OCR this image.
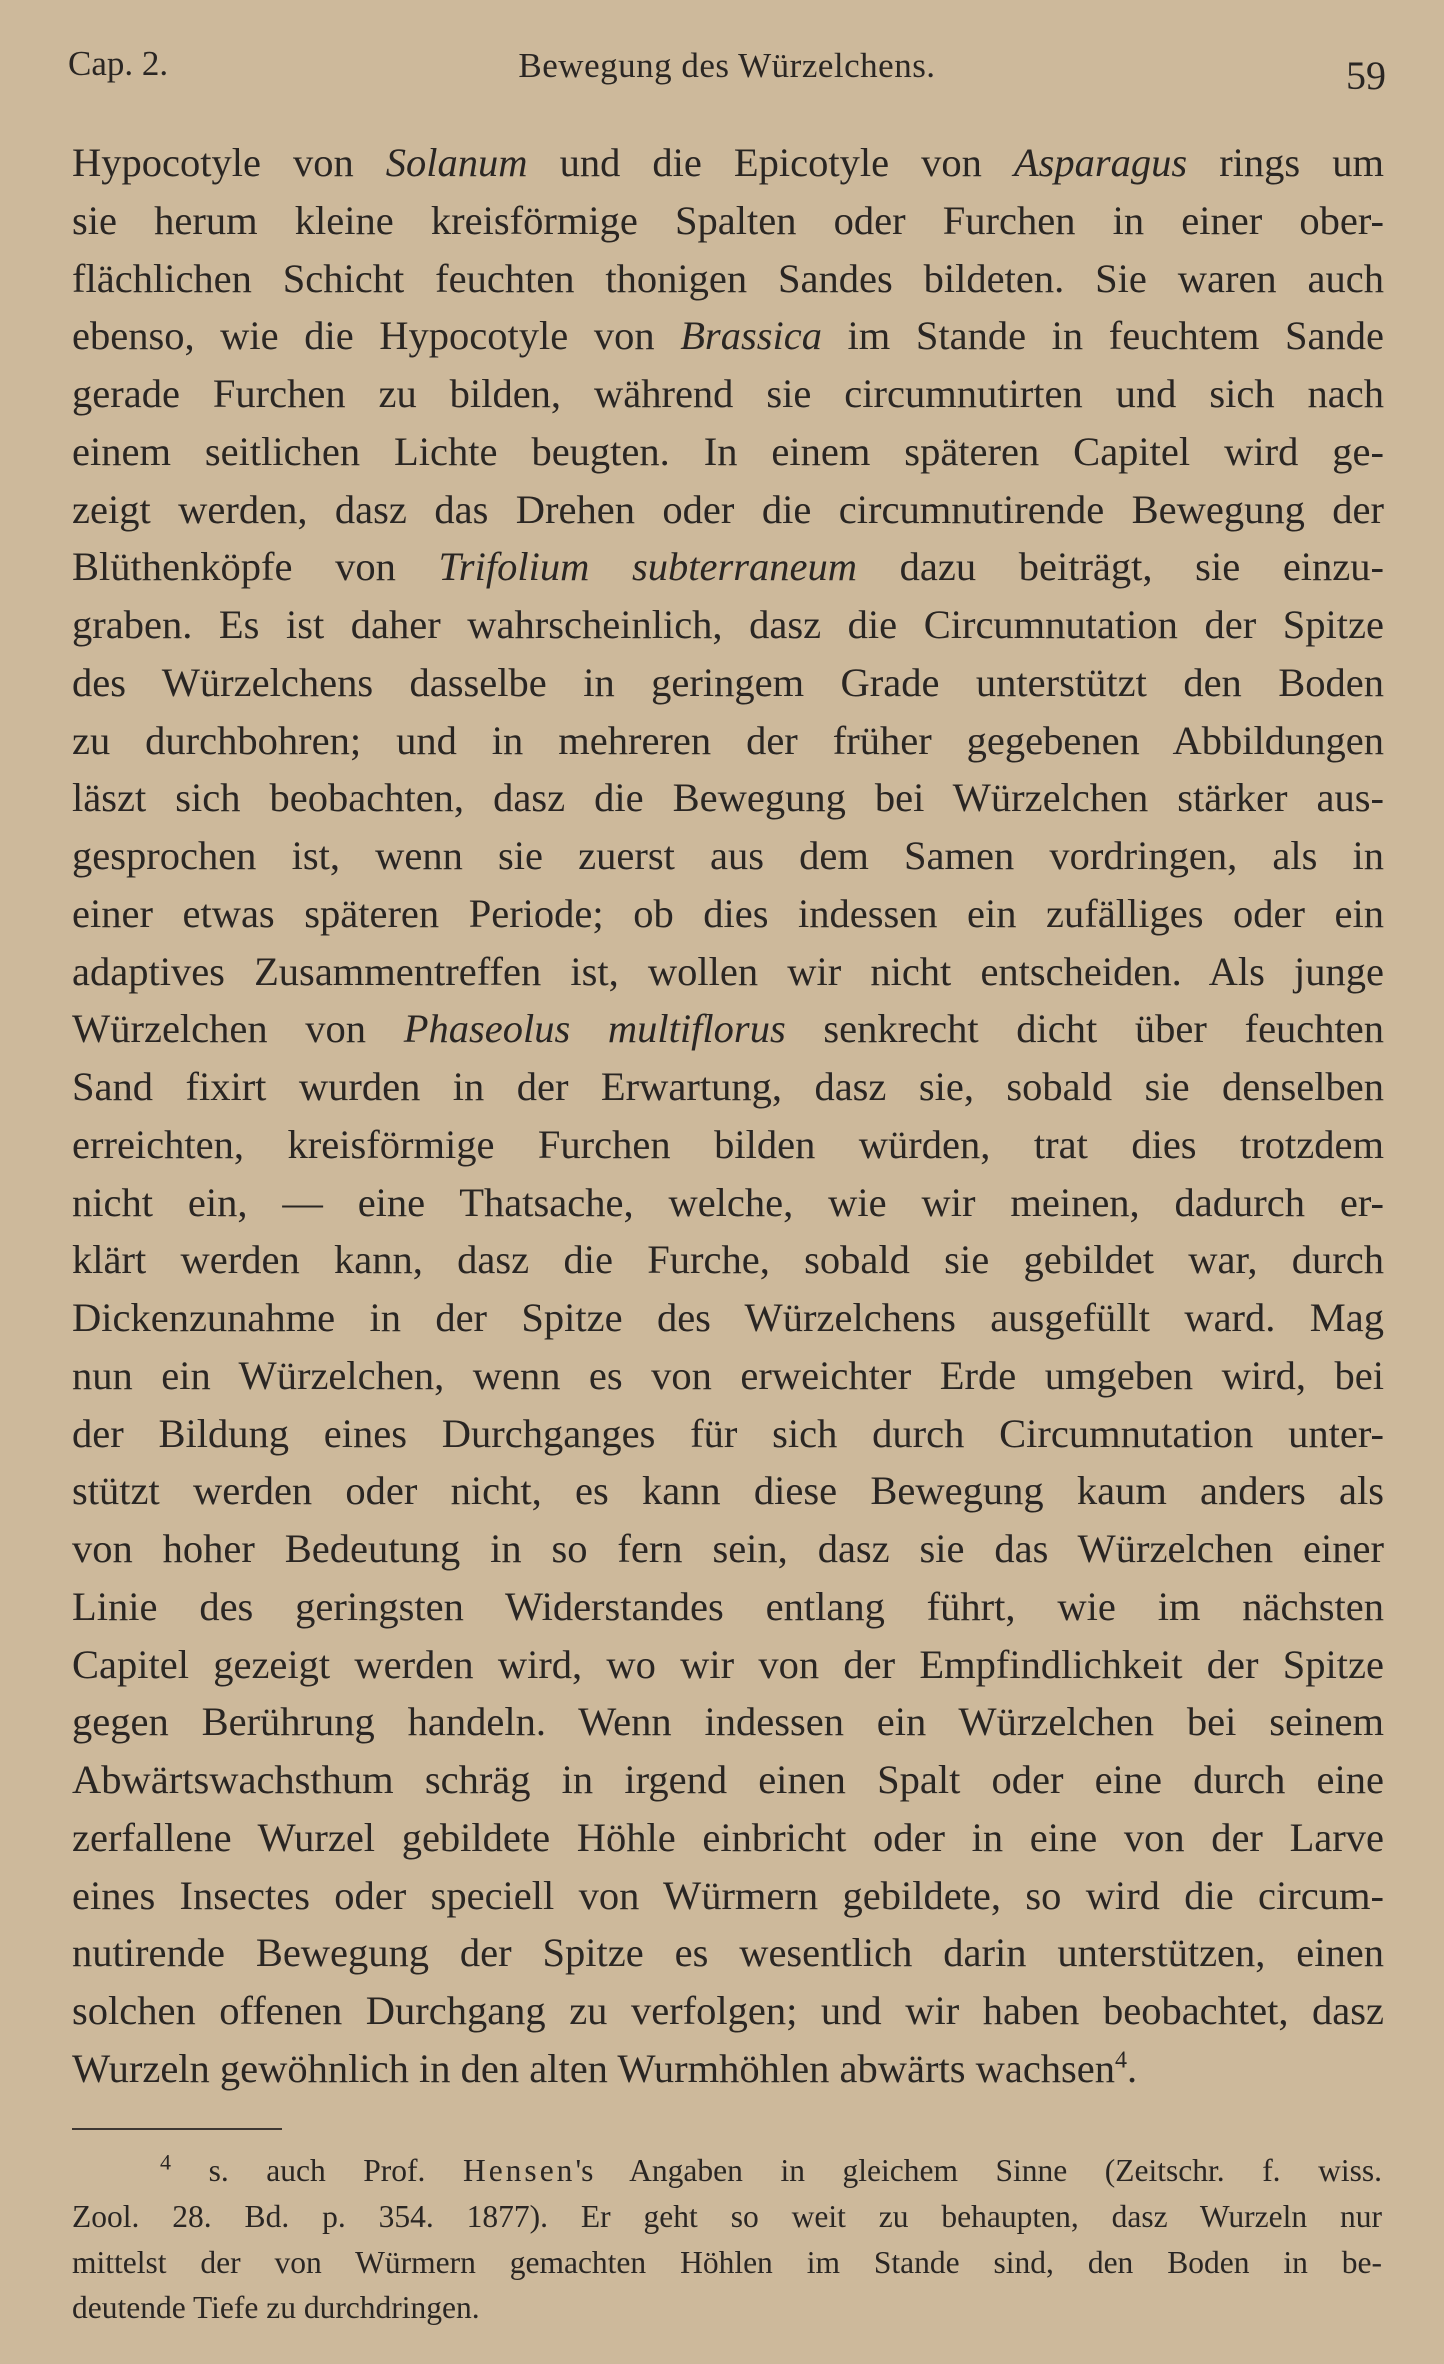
Cap. 2.	Bewegung des Würzelchens.	59
Hypocotyle von Solanum und die Epicotyle von Asparagus rings um
sie herum kleine kreisförmige Spalten oder Furchen in einer ober-
flächlichen Schicht feuchten thonigen Sandes bildeten. Sie waren auch
ebenso, wie die Hypocotyle von Brassica im Stande in feuchtem Sande
gerade Furchen zu bilden, während sie circumnutirten und sich nach
einem seitlichen Lichte beugten. In einem späteren Capitel wird ge-
zeigt werden, dasz das Drehen oder die circumnutirende Bewegung der
Blüthenköpfe von Trifolium subterraneum dazu beiträgt, sie einzu-
graben. Es ist daher wahrscheinlich, dasz die Circumnutation der Spitze
des Würzelchens dasselbe in geringem Grade unterstützt den Boden
zu durchbohren; und in mehreren der früher gegebenen Abbildungen
läszt sich beobachten, dasz die Bewegung bei Würzelchen stärker aus-
gesprochen ist, wenn sie zuerst aus dem Samen vordringen, als in
einer etwas späteren Periode; ob dies indessen ein zufälliges oder ein
adaptives Zusammentreffen ist, wollen wir nicht entscheiden. Als junge
Würzelchen von Phaseolus multiflorus senkrecht dicht über feuchten
Sand fixirt wurden in der Erwartung, dasz sie, sobald sie denselben
erreichten, kreisförmige Furchen bilden würden, trat dies trotzdem
nicht ein, — eine Thatsache, welche, wie wir meinen, dadurch er-
klärt werden kann, dasz die Furche, sobald sie gebildet war, durch
Dickenzunahme in der Spitze des Würzelchens ausgefüllt ward. Mag
nun ein Würzelchen, wenn es von erweichter Erde umgeben wird, bei
der Bildung eines Durchganges für sich durch Circumnutation unter-
stützt werden oder nicht, es kann diese Bewegung kaum anders als
von hoher Bedeutung in so fern sein, dasz sie das Würzelchen einer
Linie des geringsten Widerstandes entlang führt, wie im nächsten
Capitel gezeigt werden wird, wo wir von der Empfindlichkeit der Spitze
gegen Berührung handeln. Wenn indessen ein Würzelchen bei seinem
Abwärtswachsthum schräg in irgend einen Spalt oder eine durch eine
zerfallene Wurzel gebildete Höhle einbricht oder in eine von der Larve
eines Insectes oder speciell von Würmern gebildete, so wird die circum-
nutirende Bewegung der Spitze es wesentlich darin unterstützen, einen
solchen offenen Durchgang zu verfolgen; und wir haben beobachtet, dasz
Wurzeln gewöhnlich in den alten Wurmhöhlen abwärts wachsen$^4$.
$^4$ s. auch Prof. Hensen's Angaben in gleichem Sinne (Zeitschr. f. wiss.
Zool. 28. Bd. p. 354. 1877). Er geht so weit zu behaupten, dasz Wurzeln nur
mittelst der von Würmern gemachten Höhlen im Stande sind, den Boden in be-
deutende Tiefe zu durchdringen.
